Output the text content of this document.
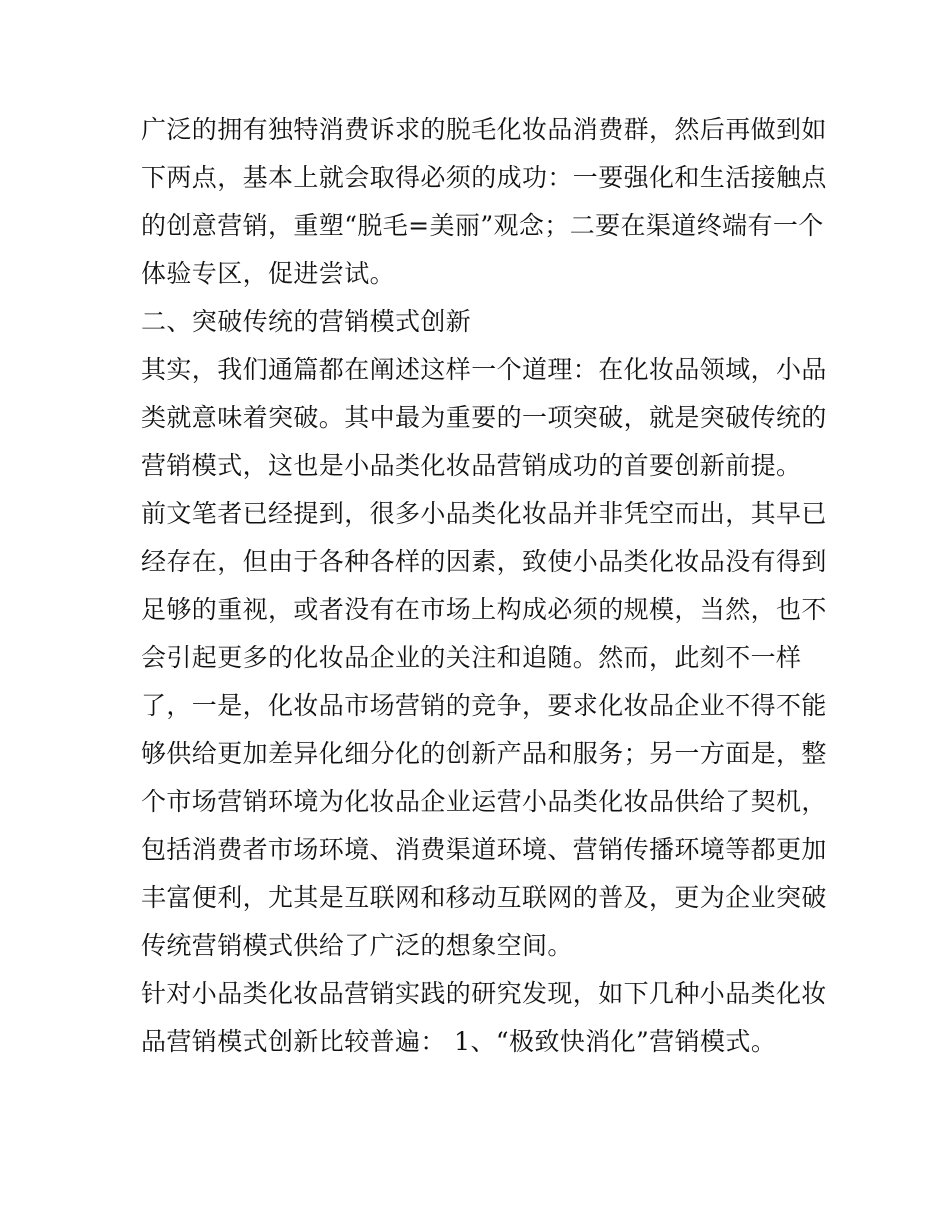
广泛的拥有独特消费诉求的脱毛化妆品消费群，然后再做到如

下两点，基本上就会取得必须的成功：一要强化和生活接触点

的创意营销，重塑“脱毛=美丽”观念；二要在渠道终端有一个

体验专区，促进尝试。

二、突破传统的营销模式创新

其实，我们通篇都在阐述这样一个道理：在化妆品领域，小品

类就意味着突破。其中最为重要的一项突破，就是突破传统的

营销模式，这也是小品类化妆品营销成功的首要创新前提。

前文笔者已经提到，很多小品类化妆品并非凭空而出，其早已

经存在，但由于各种各样的因素，致使小品类化妆品没有得到

足够的重视，或者没有在市场上构成必须的规模，当然，也不

会引起更多的化妆品企业的关注和追随。然而，此刻不一样

了，一是，化妆品市场营销的竞争，要求化妆品企业不得不能

够供给更加差异化细分化的创新产品和服务；另一方面是，整

个市场营销环境为化妆品企业运营小品类化妆品供给了契机，

包括消费者市场环境、消费渠道环境、营销传播环境等都更加

丰富便利，尤其是互联网和移动互联网的普及，更为企业突破

传统营销模式供给了广泛的想象空间。

针对小品类化妆品营销实践的研究发现，如下几种小品类化妆

品营销模式创新比较普遍： 1、“极致快消化”营销模式。
